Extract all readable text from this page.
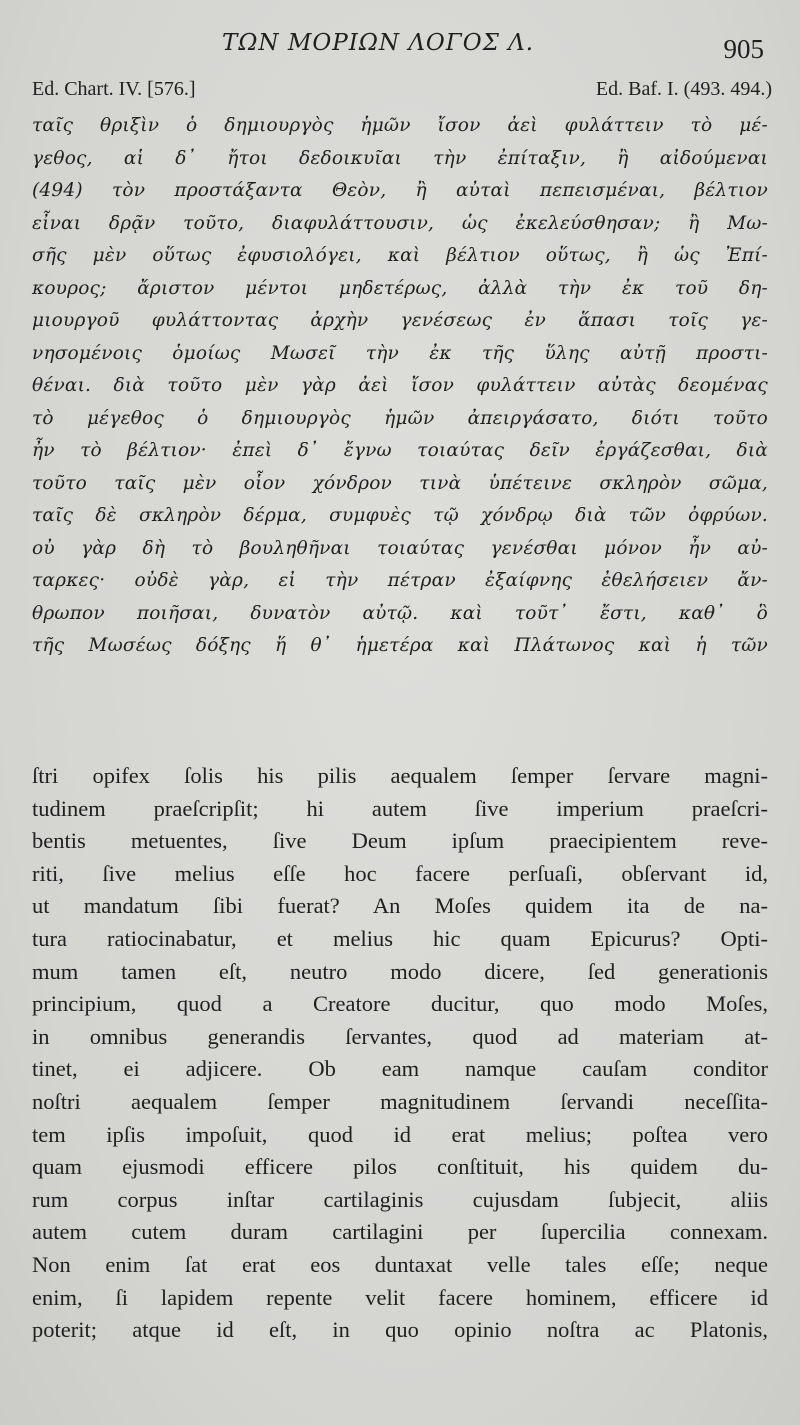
ΤΩΝ ΜΟΡΙΩΝ ΛΟΓΟΣ Λ.	905
Ed. Chart. IV. [576.]	Ed. Baf. I. (493. 494.)
ταῖς θριξὶν ὁ δημιουργὸς ἡμῶν ἴσον ἀεὶ φυλάττειν τὸ μέ-
γεθος, αἱ δ᾽ ἤτοι δεδοικυῖαι τὴν ἐπίταξιν, ἢ αἰδούμεναι
(494) τὸν προστάξαντα Θεὸν, ἢ αὐταὶ πεπεισμέναι, βέλτιον
εἶναι δρᾷν τοῦτο, διαφυλάττουσιν, ὡς ἐκελεύσθησαν; ἢ Μω-
σῆς μὲν οὕτως ἐφυσιολόγει, καὶ βέλτιον οὕτως, ἢ ὡς Ἐπί-
κουρος; ἄριστον μέντοι μηδετέρως, ἀλλὰ τὴν ἐκ τοῦ δη-
μιουργοῦ φυλάττοντας ἀρχὴν γενέσεως ἐν ἅπασι τοῖς γε-
νησομένοις ὁμοίως Μωσεῖ τὴν ἐκ τῆς ὕλης αὐτῇ προστι-
θέναι. διὰ τοῦτο μὲν γὰρ ἀεὶ ἴσον φυλάττειν αὐτὰς δεομένας
τὸ μέγεθος ὁ δημιουργὸς ἡμῶν ἀπειργάσατο, διότι τοῦτο
ἦν τὸ βέλτιον· ἐπεὶ δ᾽ ἔγνω τοιαύτας δεῖν ἐργάζεσθαι, διὰ
τοῦτο ταῖς μὲν οἷον χόνδρον τινὰ ὑπέτεινε σκληρὸν σῶμα,
ταῖς δὲ σκληρὸν δέρμα, συμφυὲς τῷ χόνδρῳ διὰ τῶν ὀφρύων.
οὐ γὰρ δὴ τὸ βουληθῆναι τοιαύτας γενέσθαι μόνον ἦν αὐ-
ταρκες· οὐδὲ γὰρ, εἰ τὴν πέτραν ἐξαίφνης ἐθελήσειεν ἄν-
θρωπον ποιῆσαι, δυνατὸν αὐτῷ. καὶ τοῦτ᾽ ἔστι, καθ᾽ ὃ
τῆς Μωσέως δόξης ἥ θ᾽ ἡμετέρα καὶ Πλάτωνος καὶ ἡ τῶν
ſtri opifex ſolis his pilis aequalem ſemper ſervare magni-
tudinem praeſcripſit; hi autem ſive imperium praeſcri-
bentis metuentes, ſive Deum ipſum praecipientem reve-
riti, ſive melius eſſe hoc facere perſuaſi, obſervant id,
ut mandatum ſibi fuerat? An Moſes quidem ita de na-
tura ratiocinabatur, et melius hic quam Epicurus? Opti-
mum tamen eſt, neutro modo dicere, ſed generationis
principium, quod a Creatore ducitur, quo modo Moſes,
in omnibus generandis ſervantes, quod ad materiam at-
tinet, ei adjicere. Ob eam namque cauſam conditor
noſtri aequalem ſemper magnitudinem ſervandi neceſſita-
tem ipſis impoſuit, quod id erat melius; poſtea vero
quam ejusmodi efficere pilos conſtituit, his quidem du-
rum corpus inſtar cartilaginis cujusdam ſubjecit, aliis
autem cutem duram cartilagini per ſupercilia connexam.
Non enim ſat erat eos duntaxat velle tales eſſe; neque
enim, ſi lapidem repente velit facere hominem, efficere id
poterit; atque id eſt, in quo opinio noſtra ac Platonis,
